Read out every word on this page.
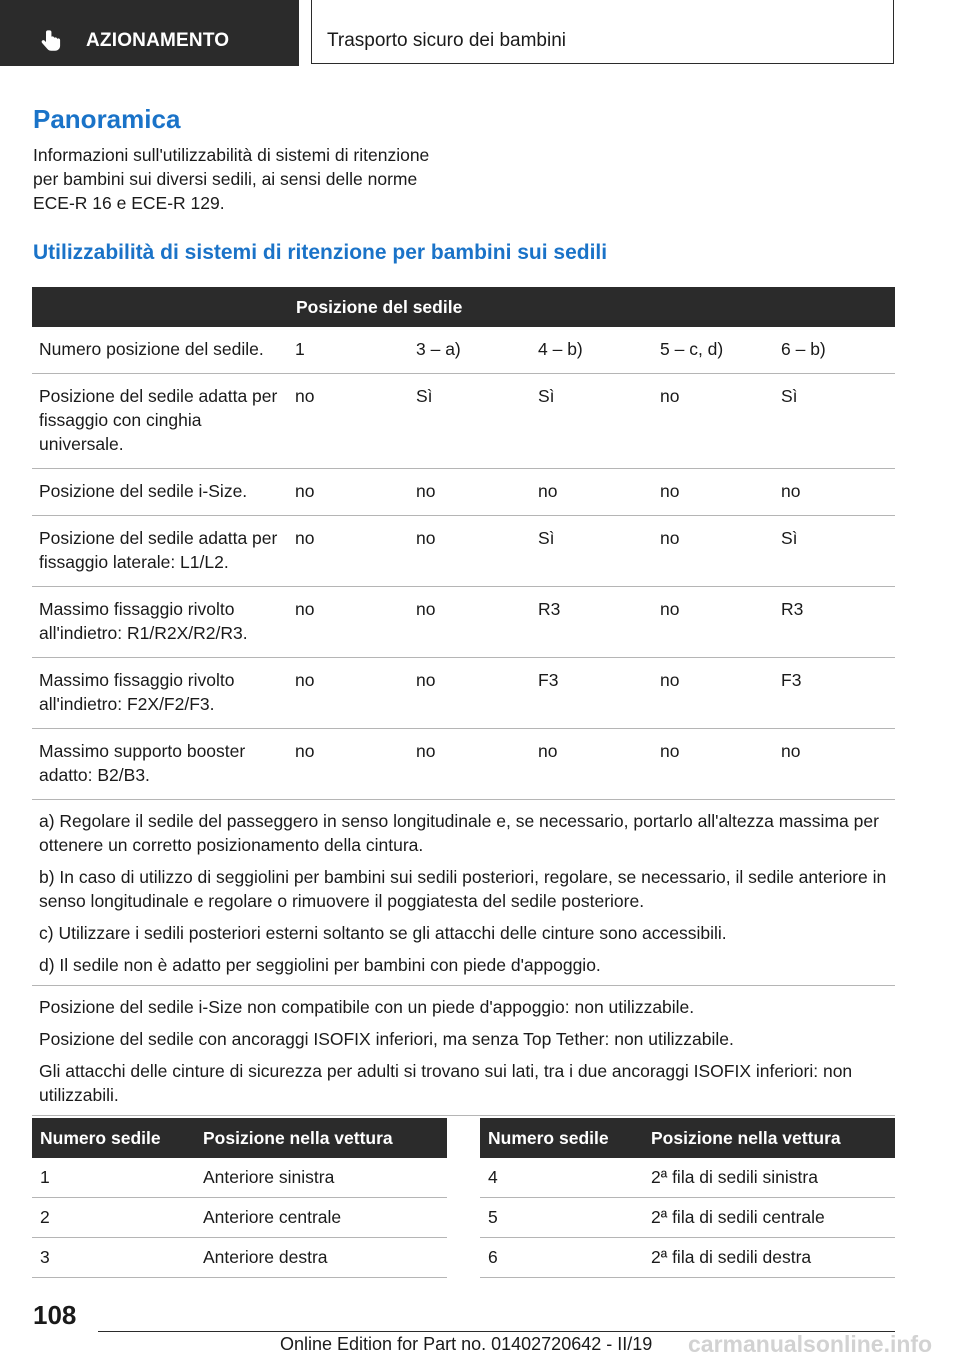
AZIONAMENTO	Trasporto sicuro dei bambini
Panoramica
Informazioni sull'utilizzabilità di sistemi di ritenzione per bambini sui diversi sedili, ai sensi delle norme ECE-R 16 e ECE-R 129.
Utilizzabilità di sistemi di ritenzione per bambini sui sedili
	Posizione del sedile				
Numero posizione del sedile.	1	3 – a)	4 – b)	5 – c, d)	6 – b)
Posizione del sedile adatta per fissaggio con cinghia universale.	no	Sì	Sì	no	Sì
Posizione del sedile i-Size.	no	no	no	no	no
Posizione del sedile adatta per fissaggio laterale: L1/L2.	no	no	Sì	no	Sì
Massimo fissaggio rivolto all'indietro: R1/R2X/R2/R3.	no	no	R3	no	R3
Massimo fissaggio rivolto all'indietro: F2X/F2/F3.	no	no	F3	no	F3
Massimo supporto booster adatto: B2/B3.	no	no	no	no	no

a) Regolare il sedile del passeggero in senso longitudinale e, se necessario, portarlo all'altezza massima per ottenere un corretto posizionamento della cintura.

b) In caso di utilizzo di seggiolini per bambini sui sedili posteriori, regolare, se necessario, il sedile anteriore in senso longitudinale e regolare o rimuovere il poggiatesta del sedile posteriore.

c) Utilizzare i sedili posteriori esterni soltanto se gli attacchi delle cinture sono accessibili.

d) Il sedile non è adatto per seggiolini per bambini con piede d'appoggio.					

Posizione del sedile i-Size non compatibile con un piede d'appoggio: non utilizzabile.

Posizione del sedile con ancoraggi ISOFIX inferiori, ma senza Top Tether: non utilizzabile.

Gli attacchi delle cinture di sicurezza per adulti si trovano sui lati, tra i due ancoraggi ISOFIX inferiori: non utilizzabili.					

Numero sedile	Posizione nella vettura
1	Anteriore sinistra
2	Anteriore centrale
3	Anteriore destra
Numero sedile	Posizione nella vettura
4	2ª fila di sedili sinistra
5	2ª fila di sedili centrale
6	2ª fila di sedili destra
108
Online Edition for Part no. 01402720642 - II/19 carmanualsonline.info
